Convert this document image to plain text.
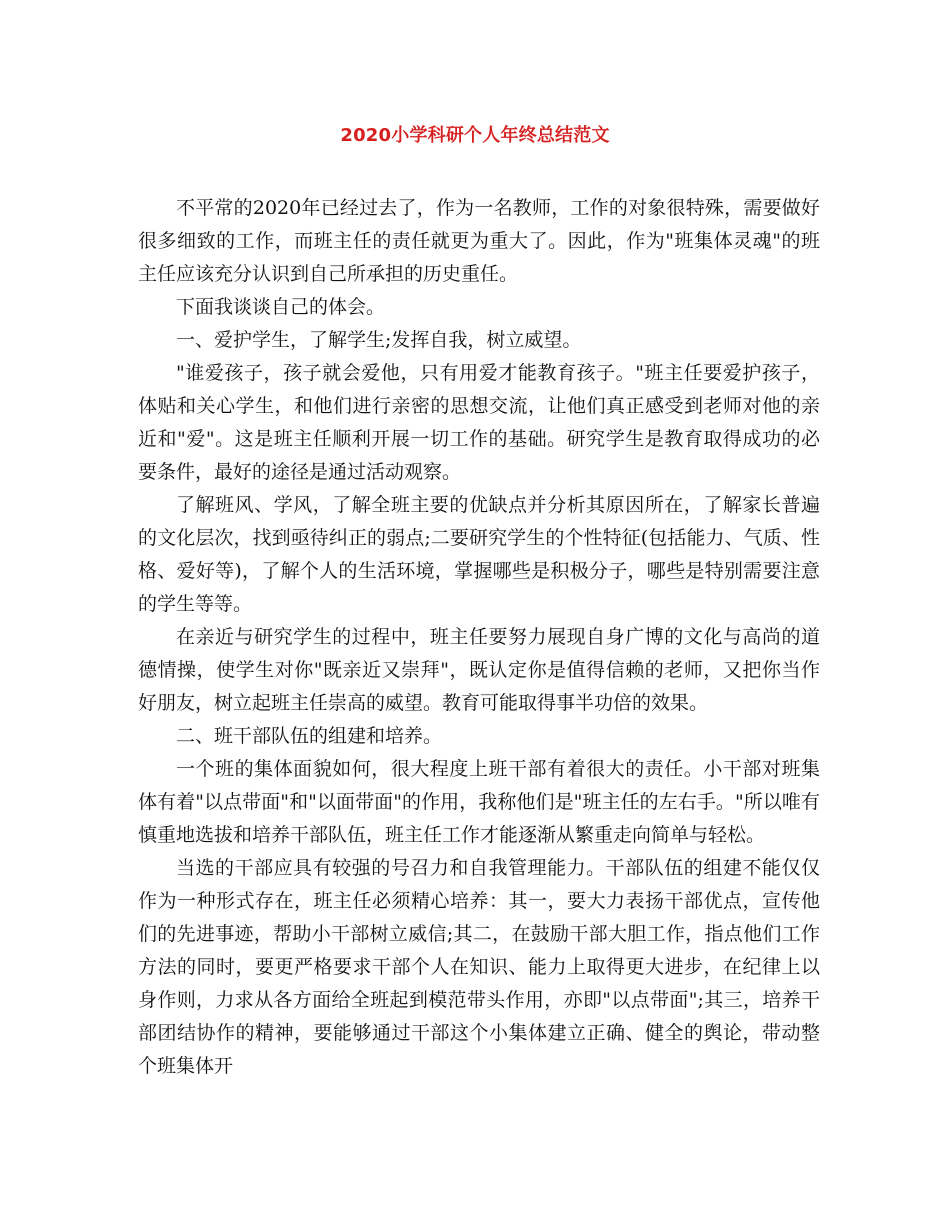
2020小学科研个人年终总结范文

不平常的2020年已经过去了，作为一名教师，工作的对象很特殊，需要做好很多细致的工作，而班主任的责任就更为重大了。因此，作为"班集体灵魂"的班主任应该充分认识到自己所承担的历史重任。

下面我谈谈自己的体会。

一、爱护学生，了解学生;发挥自我，树立威望。

"谁爱孩子，孩子就会爱他，只有用爱才能教育孩子。"班主任要爱护孩子，体贴和关心学生，和他们进行亲密的思想交流，让他们真正感受到老师对他的亲近和"爱"。这是班主任顺利开展一切工作的基础。研究学生是教育取得成功的必要条件，最好的途径是通过活动观察。

了解班风、学风，了解全班主要的优缺点并分析其原因所在，了解家长普遍的文化层次，找到亟待纠正的弱点;二要研究学生的个性特征(包括能力、气质、性格、爱好等)，了解个人的生活环境，掌握哪些是积极分子，哪些是特别需要注意的学生等等。

在亲近与研究学生的过程中，班主任要努力展现自身广博的文化与高尚的道德情操，使学生对你"既亲近又崇拜"，既认定你是值得信赖的老师，又把你当作好朋友，树立起班主任崇高的威望。教育可能取得事半功倍的效果。

二、班干部队伍的组建和培养。

一个班的集体面貌如何，很大程度上班干部有着很大的责任。小干部对班集体有着"以点带面"和"以面带面"的作用，我称他们是"班主任的左右手。"所以唯有慎重地选拔和培养干部队伍，班主任工作才能逐渐从繁重走向简单与轻松。

当选的干部应具有较强的号召力和自我管理能力。干部队伍的组建不能仅仅作为一种形式存在，班主任必须精心培养：其一，要大力表扬干部优点，宣传他们的先进事迹，帮助小干部树立威信;其二，在鼓励干部大胆工作，指点他们工作方法的同时，要更严格要求干部个人在知识、能力上取得更大进步，在纪律上以身作则，力求从各方面给全班起到模范带头作用，亦即"以点带面";其三，培养干部团结协作的精神，要能够通过干部这个小集体建立正确、健全的舆论，带动整个班集体开
